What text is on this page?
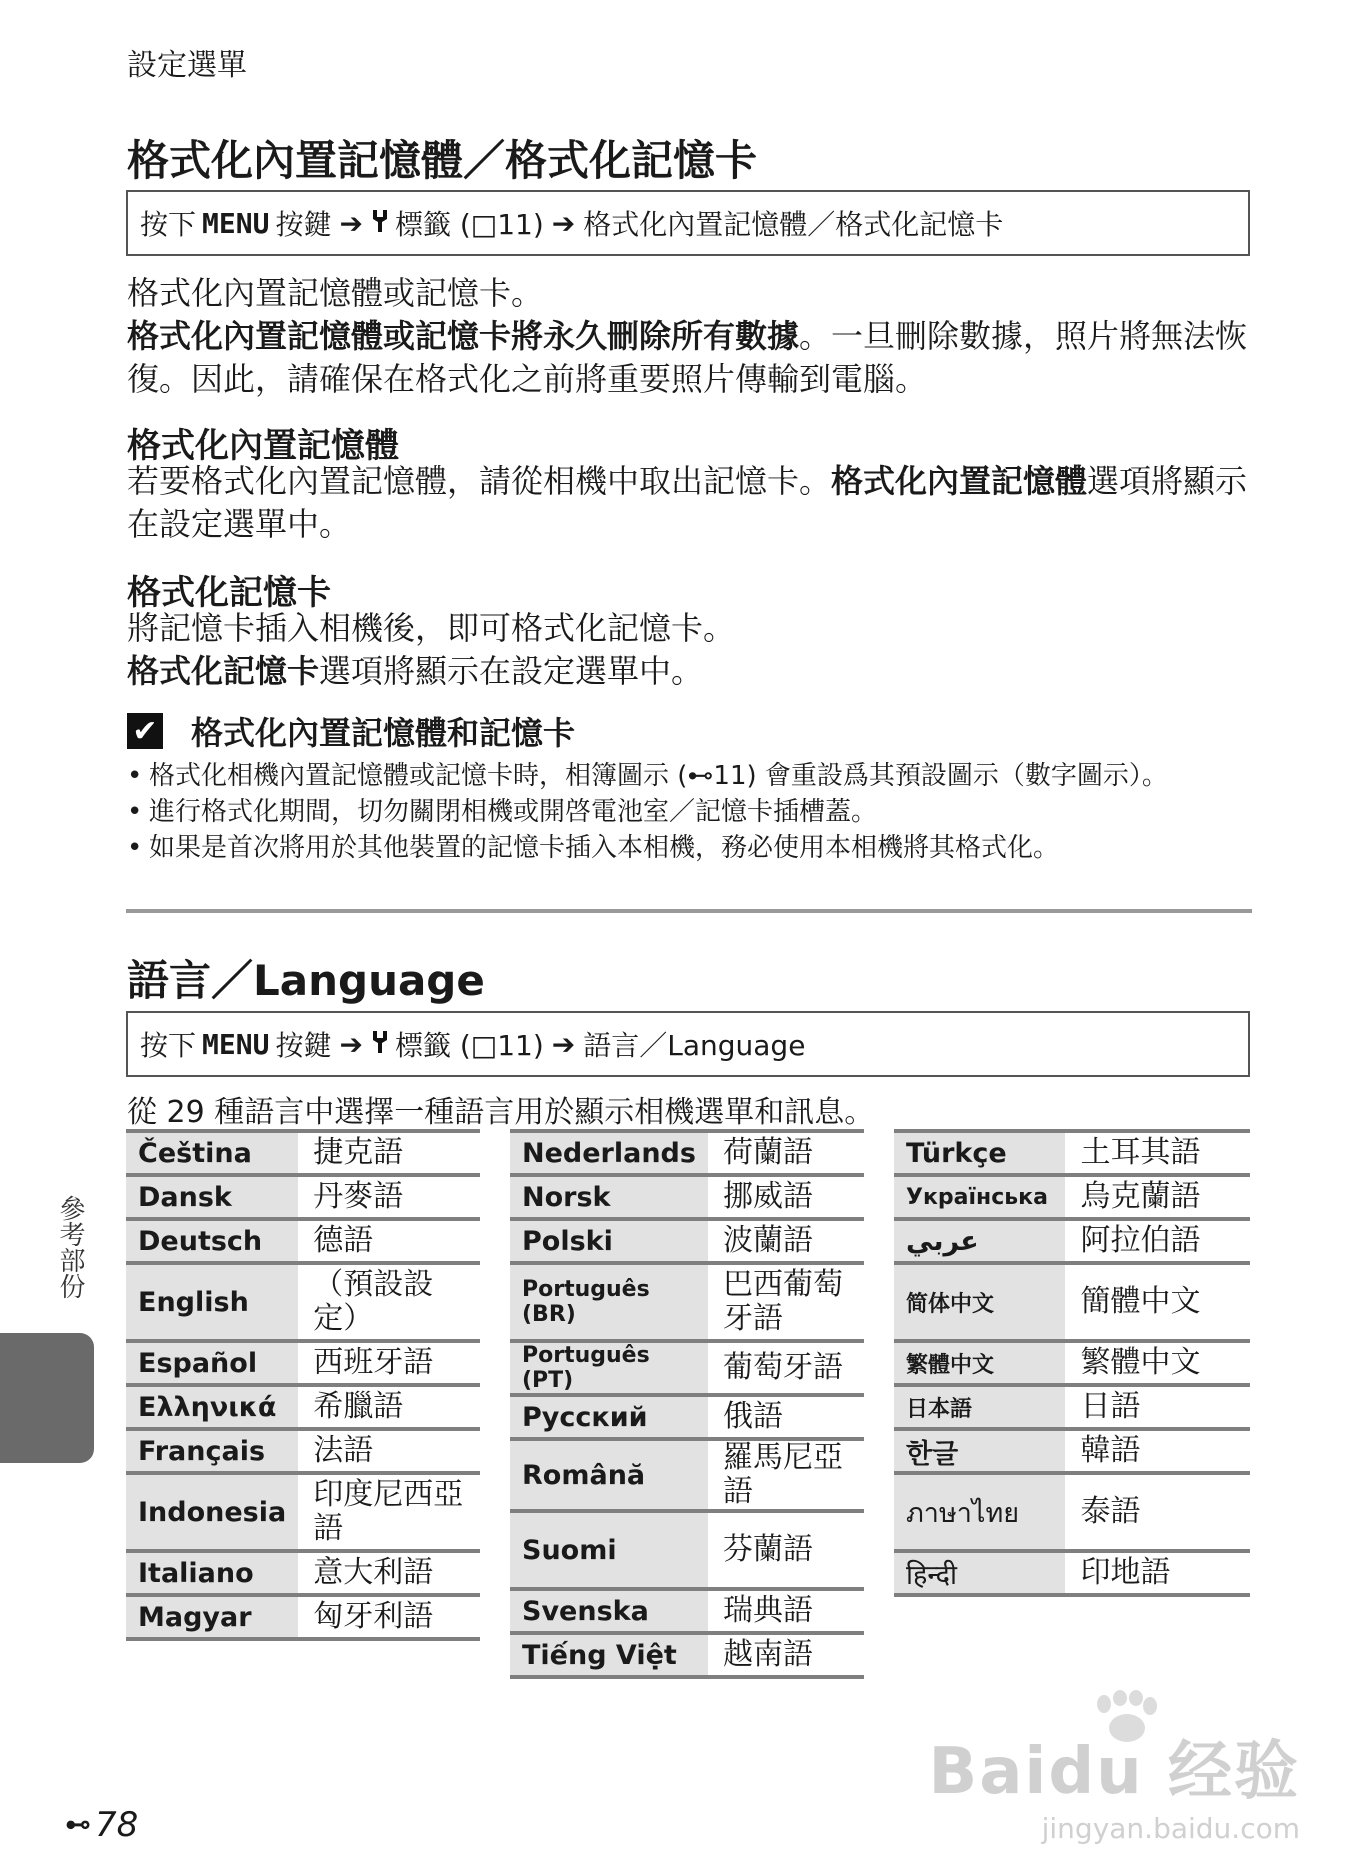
設定選單
格式化內置記憶體／格式化記憶卡
按下 MENU 按鍵 ➔ 標籤 (□11) ➔ 格式化內置記憶體／格式化記憶卡
格式化內置記憶體或記憶卡。
格式化內置記憶體或記憶卡將永久刪除所有數據。一旦刪除數據，照片將無法恢復。因此，請確保在格式化之前將重要照片傳輸到電腦。
格式化內置記憶體
若要格式化內置記憶體，請從相機中取出記憶卡。格式化內置記憶體選項將顯示在設定選單中。
格式化記憶卡
將記憶卡插入相機後，即可格式化記憶卡。
格式化記憶卡選項將顯示在設定選單中。
✔ 格式化內置記憶體和記憶卡
• 格式化相機內置記憶體或記憶卡時，相簿圖示 (⊷11) 會重設爲其預設圖示（數字圖示）。
• 進行格式化期間，切勿關閉相機或開啓電池室／記憶卡插槽蓋。
• 如果是首次將用於其他裝置的記憶卡插入本相機，務必使用本相機將其格式化。
語言／Language
按下 MENU 按鍵 ➔ 標籤 (□11) ➔ 語言／Language
從 29 種語言中選擇一種語言用於顯示相機選單和訊息。
Čeština	捷克語
Dansk	丹麥語
Deutsch	德語
English	（預設設定）
Español	西班牙語
Ελληνικά	希臘語
Français	法語
Indonesia	印度尼西亞語
Italiano	意大利語
Magyar	匈牙利語
Nederlands	荷蘭語
Norsk	挪威語
Polski	波蘭語
Português (BR)	巴西葡萄牙語
Português (PT)	葡萄牙語
Русский	俄語
Română	羅馬尼亞語
Suomi	芬蘭語
Svenska	瑞典語
Tiếng Việt	越南語
Türkçe	土耳其語
Українська	烏克蘭語
عربي	阿拉伯語
简体中文	簡體中文
繁體中文	繁體中文
日本語	日語
한글	韓語
ภาษาไทย	泰語
हिन्दी	印地語
參考部份
⊷ 78
Baidu 经验
jingyan.baidu.com
